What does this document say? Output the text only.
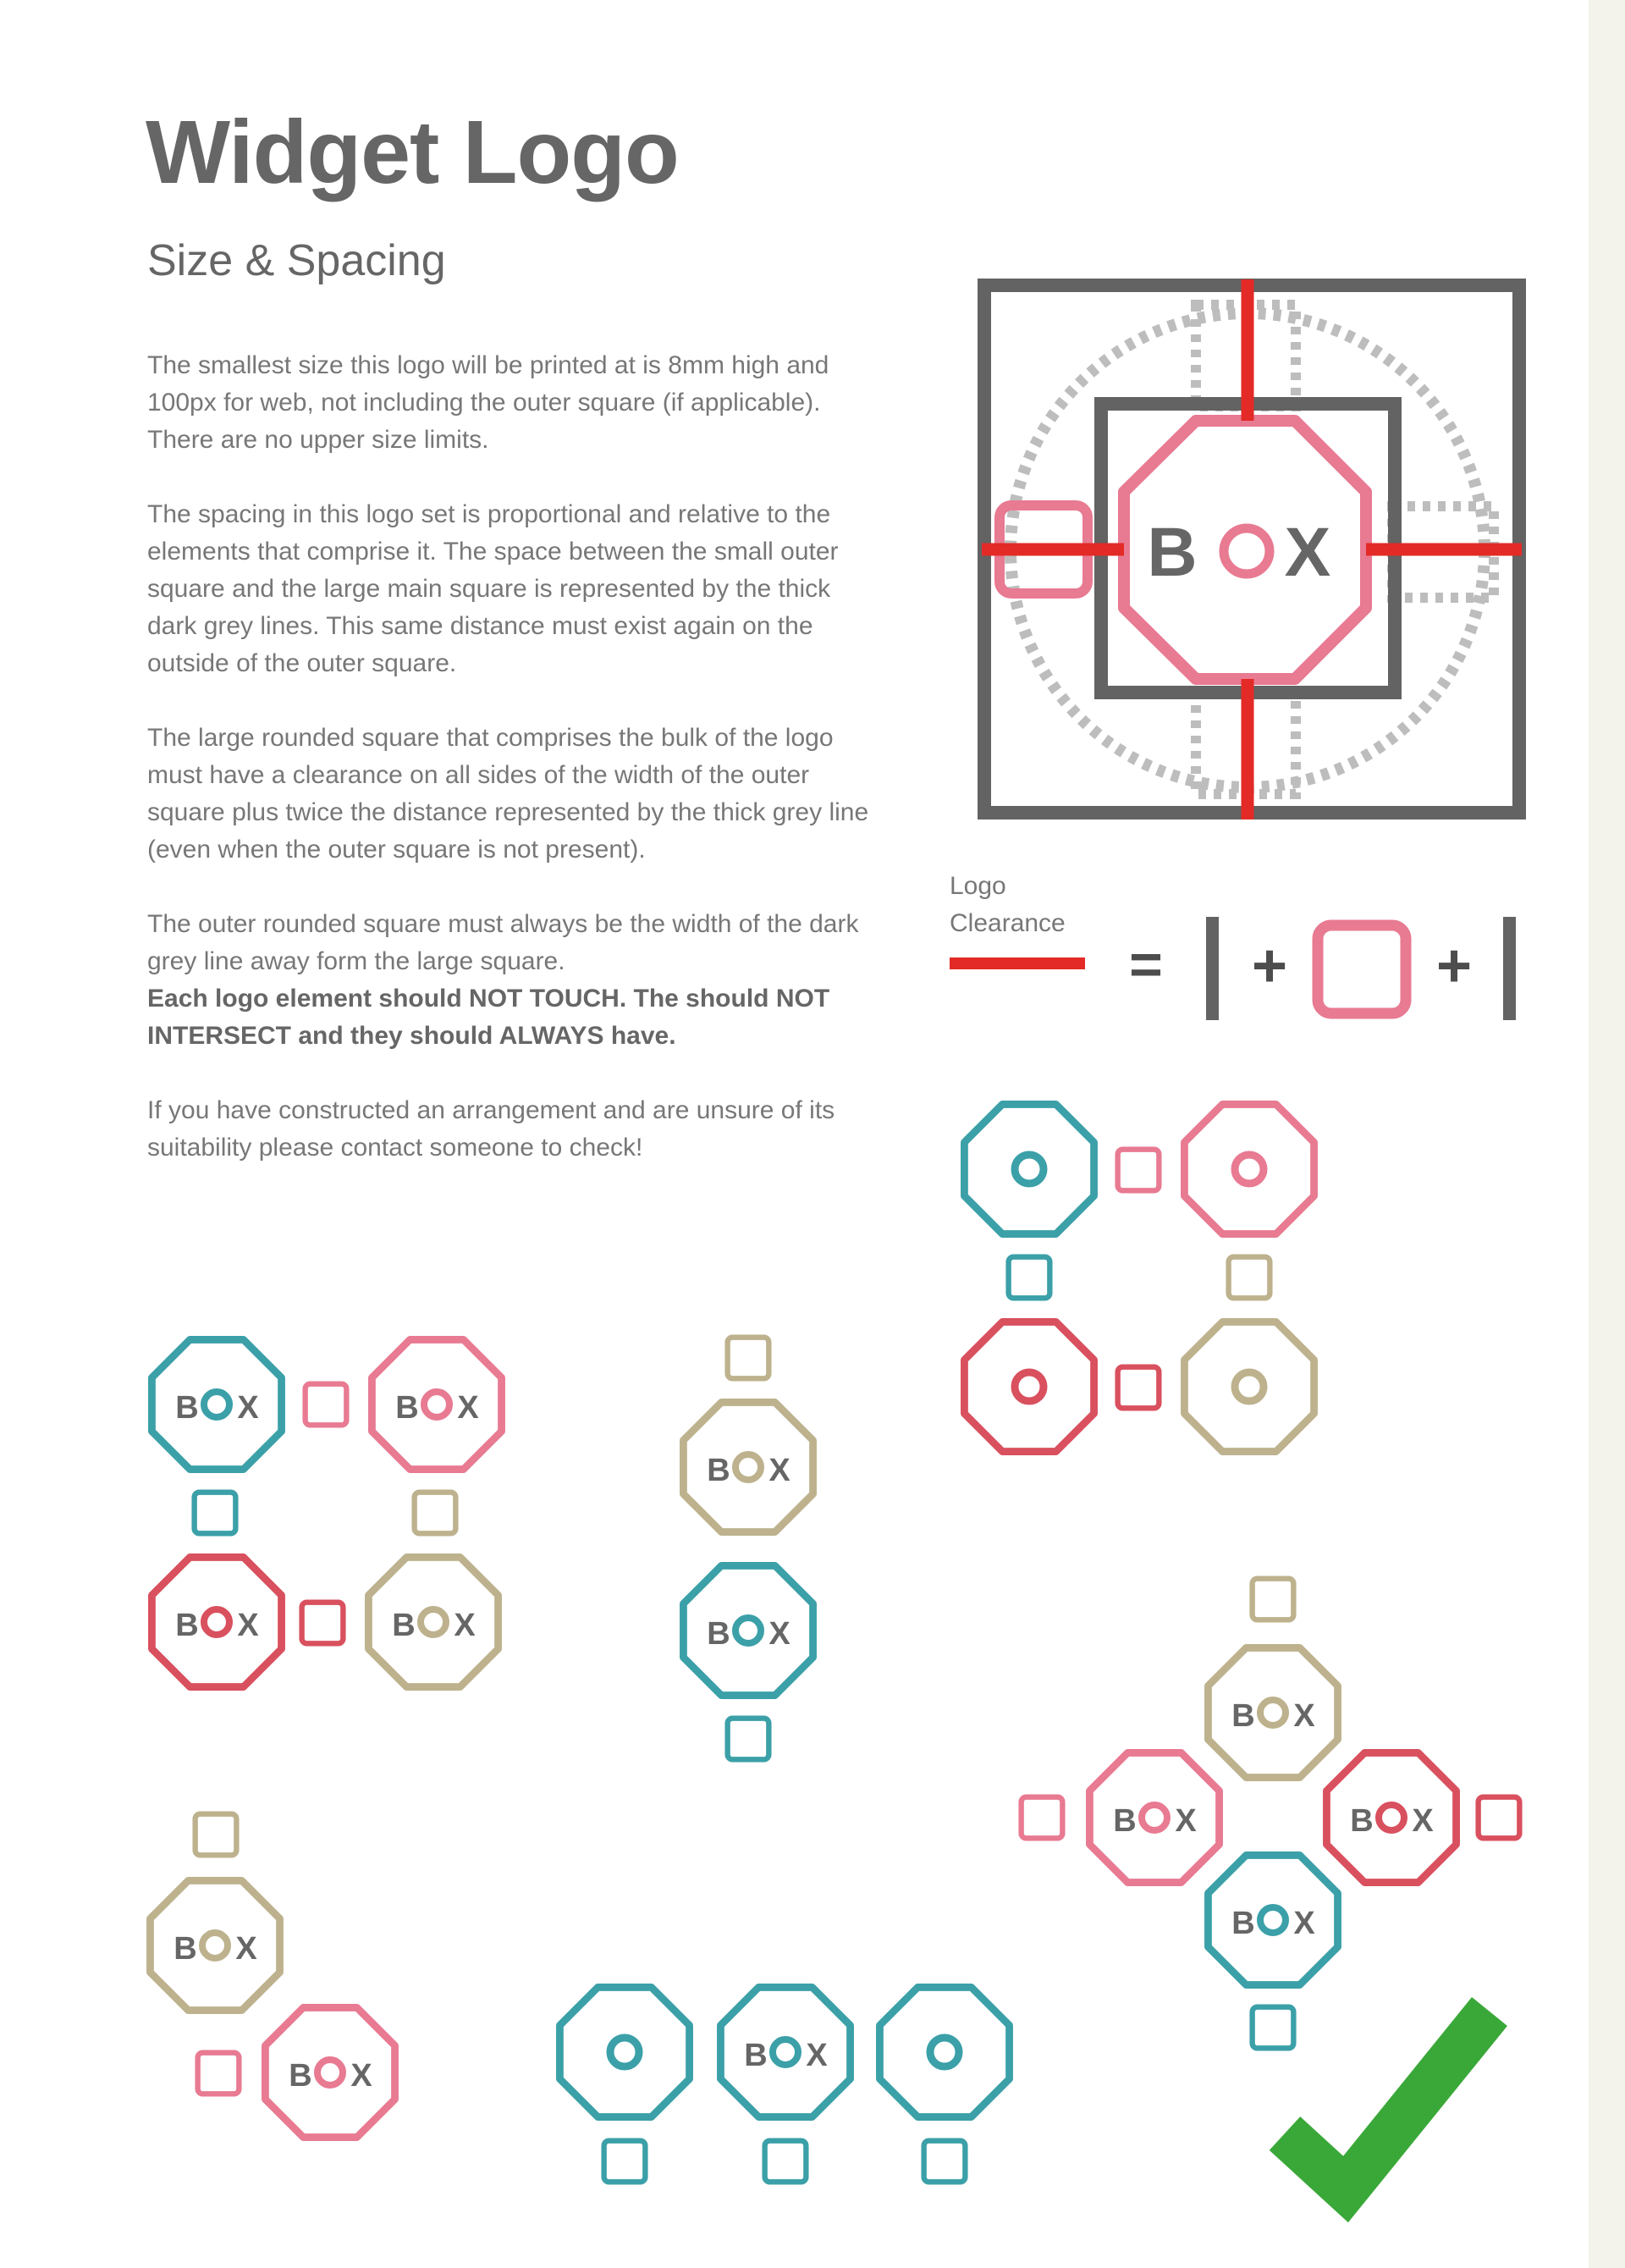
Widget Logo
Size & Spacing

The smallest size this logo will be printed at is 8mm high and 100px for web, not including the outer square (if applicable). There are no upper size limits.

The spacing in this logo set is proportional and relative to the elements that comprise it. The space between the small outer square and the large main square is represented by the thick dark grey lines. This same distance must exist again on the outside of the outer square.

The large rounded square that comprises the bulk of the logo must have a clearance on all sides of the width of the outer square plus twice the distance represented by the thick grey line (even when the outer square is not present).

The outer rounded square must always be the width of the dark grey line away form the large square.

Each logo element should NOT TOUCH. The should NOT INTERSECT and they should ALWAYS have.

If you have constructed an arrangement and are unsure of its suitability please contact someone to check!

Logo
Clearance
B X
= + +
B X	B X
B X	B X
B X
B X
B X
B X
B X
B X
B X	B X
B X
